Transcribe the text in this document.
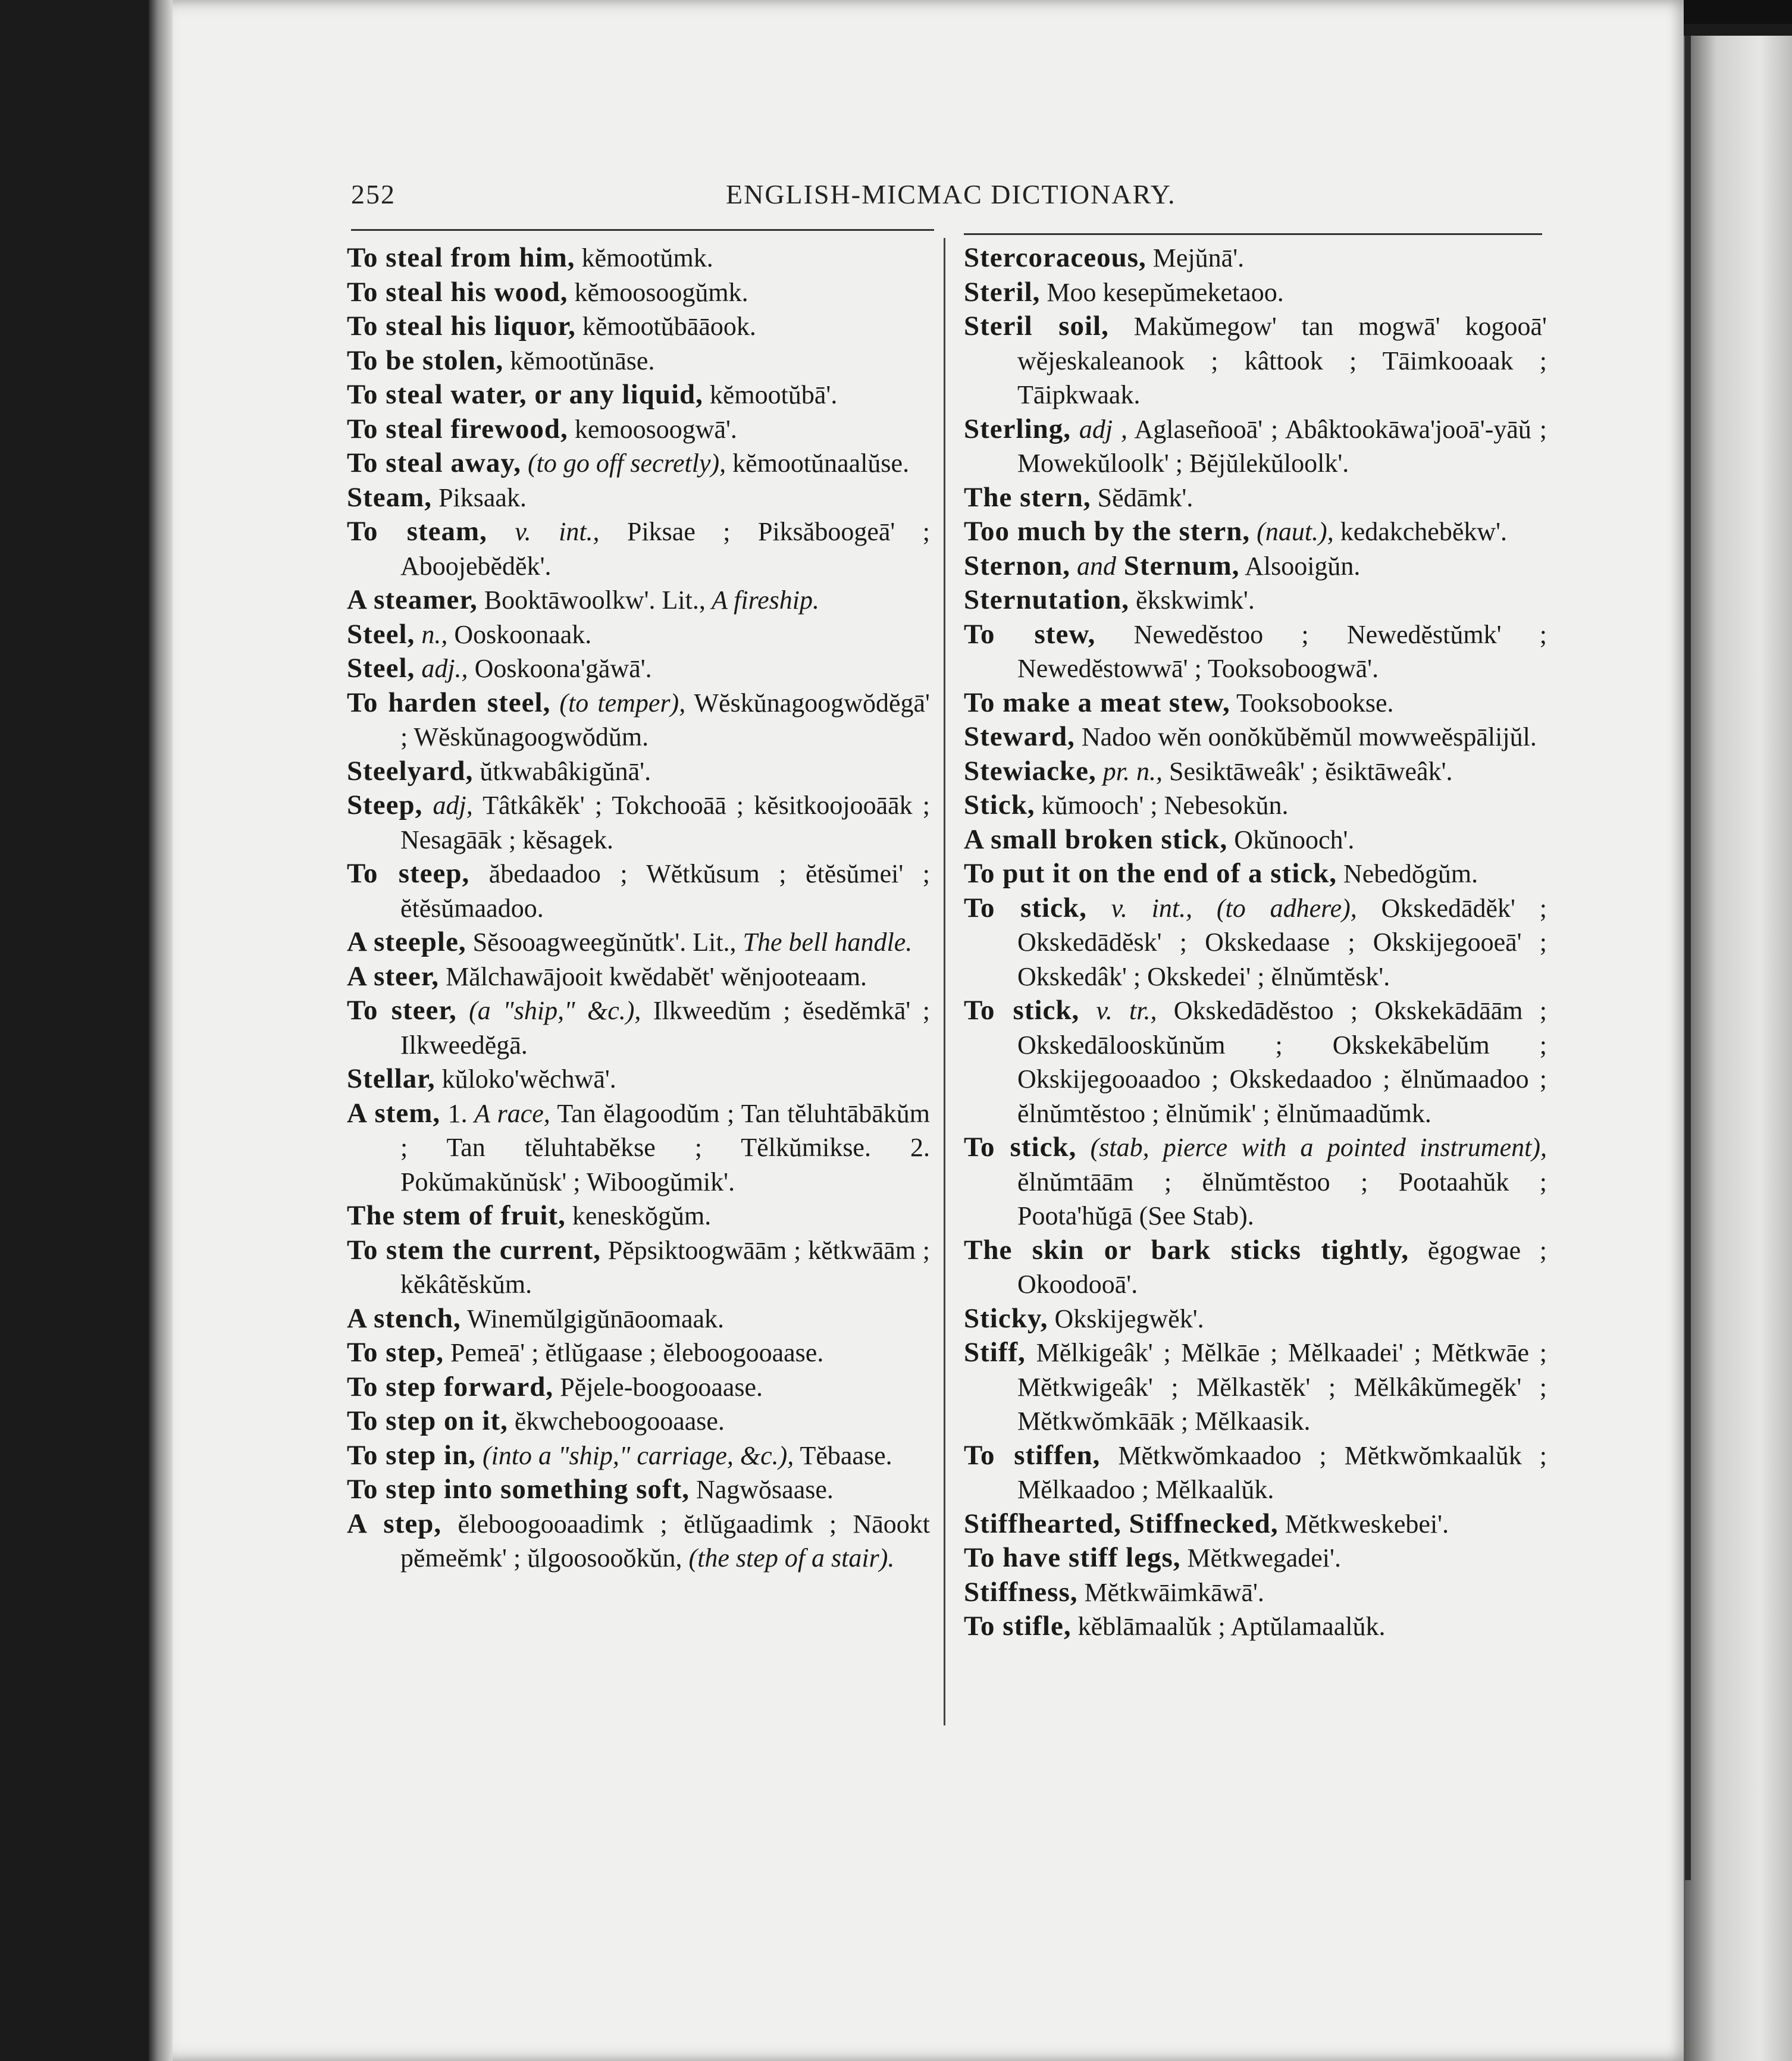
252	ENGLISH-MICMAC DICTIONARY.
To steal from him, kĕmootŭmk.
To steal his wood, kĕmoosoogŭmk.
To steal his liquor, kĕmootŭbāāook.
To be stolen, kĕmootŭnāse.
To steal water, or any liquid, kĕmootŭbā'.
To steal firewood, kemoosoogwā'.
To steal away, (to go off secretly), kĕmootŭnaalŭse.
Steam, Piksaak.
To steam, v. int., Piksae ; Piksăboogeā' ; Aboojebĕdĕk'.
A steamer, Booktāwoolkw'. Lit., A fireship.
Steel, n., Ooskoonaak.
Steel, adj., Ooskoona'găwā'.
To harden steel, (to temper), Wĕskŭnagoogwŏdĕgā' ; Wĕskŭnagoogwŏdŭm.
Steelyard, ŭtkwabâkigŭnā'.
Steep, adj, Tâtkâkĕk' ; Tokchooāā ; kĕsitkoojooāāk ; Nesagāāk ; kĕsagek.
To steep, ăbedaadoo ; Wĕtkŭsum ; ĕtĕsŭmei' ; ĕtĕsŭmaadoo.
A steeple, Sĕsooagweegŭnŭtk'. Lit., The bell handle.
A steer, Mălchawājooit kwĕdabĕt' wĕnjooteaam.
To steer, (a "ship," &c.), Ilkweedŭm ; ĕsedĕmkā' ; Ilkweedĕgā.
Stellar, kŭloko'wĕchwā'.
A stem, 1. A race, Tan ĕlagoodŭm ; Tan tĕluhtābākŭm ; Tan tĕluhtabĕkse ; Tĕlkŭmikse. 2. Pokŭmakŭnŭsk' ; Wiboogŭmik'.
The stem of fruit, keneskŏgŭm.
To stem the current, Pĕpsiktoogwāām ; kĕtkwāām ; kĕkâtĕskŭm.
A stench, Winemŭlgigŭnāoomaak.
To step, Pemeā' ; ĕtlŭgaase ; ĕleboogooaase.
To step forward, Pĕjele-boogooaase.
To step on it, ĕkwcheboogooaase.
To step in, (into a "ship," carriage, &c.), Tĕbaase.
To step into something soft, Nagwŏsaase.
A step, ĕleboogooaadimk ; ĕtlŭgaadimk ; Nāookt pĕmeĕmk' ; ŭlgoosooŏkŭn, (the step of a stair).
Stercoraceous, Mejŭnā'.
Steril, Moo kesepŭmeketaoo.
Steril soil, Makŭmegow' tan mogwā' kogooā' wĕjeskaleanook ; kâttook ; Tāimkooaak ; Tāipkwaak.
Sterling, adj , Aglaseñooā' ; Abâktookāwa'jooā'-yāŭ ; Mowekŭloolk' ; Bĕjŭlekŭloolk'.
The stern, Sĕdāmk'.
Too much by the stern, (naut.), kedakchebĕkw'.
Sternon, and Sternum, Alsooigŭn.
Sternutation, ĕkskwimk'.
To stew, Newedĕstoo ; Newedĕstŭmk' ; Newedĕstowwā' ; Tooksoboogwā'.
To make a meat stew, Tooksobookse.
Steward, Nadoo wĕn oonŏkŭbĕmŭl mowweĕspālijŭl.
Stewiacke, pr. n., Sesiktāweâk' ; ĕsiktāweâk'.
Stick, kŭmooch' ; Nebesokŭn.
A small broken stick, Okŭnooch'.
To put it on the end of a stick, Nebedŏgŭm.
To stick, v. int., (to adhere), Okskedādĕk' ; Okskedādĕsk' ; Okskedaase ; Okskijegooeā' ; Okskedâk' ; Okskedei' ; ĕlnŭmtĕsk'.
To stick, v. tr., Okskedādĕstoo ; Okskekādāām ; Okskedālooskŭnŭm ; Okskekābelŭm ; Okskijegooaadoo ; Okskedaadoo ; ĕlnŭmaadoo ; ĕlnŭmtĕstoo ; ĕlnŭmik' ; ĕlnŭmaadŭmk.
To stick, (stab, pierce with a pointed instrument), ĕlnŭmtāām ; ĕlnŭmtĕstoo ; Pootaahŭk ; Poota'hŭgā (See Stab).
The skin or bark sticks tightly, ĕgogwae ; Okoodooā'.
Sticky, Okskijegwĕk'.
Stiff, Mĕlkigeâk' ; Mĕlkāe ; Mĕlkaadei' ; Mĕtkwāe ; Mĕtkwigeâk' ; Mĕlkastĕk' ; Mĕlkâkŭmegĕk' ; Mĕtkwŏmkāāk ; Mĕlkaasik.
To stiffen, Mĕtkwŏmkaadoo ; Mĕtkwŏmkaalŭk ; Mĕlkaadoo ; Mĕlkaalŭk.
Stiffhearted, Stiffnecked, Mĕtkweskebei'.
To have stiff legs, Mĕtkwegadei'.
Stiffness, Mĕtkwāimkāwā'.
To stifle, kĕblāmaalŭk ; Aptŭlamaalŭk.
